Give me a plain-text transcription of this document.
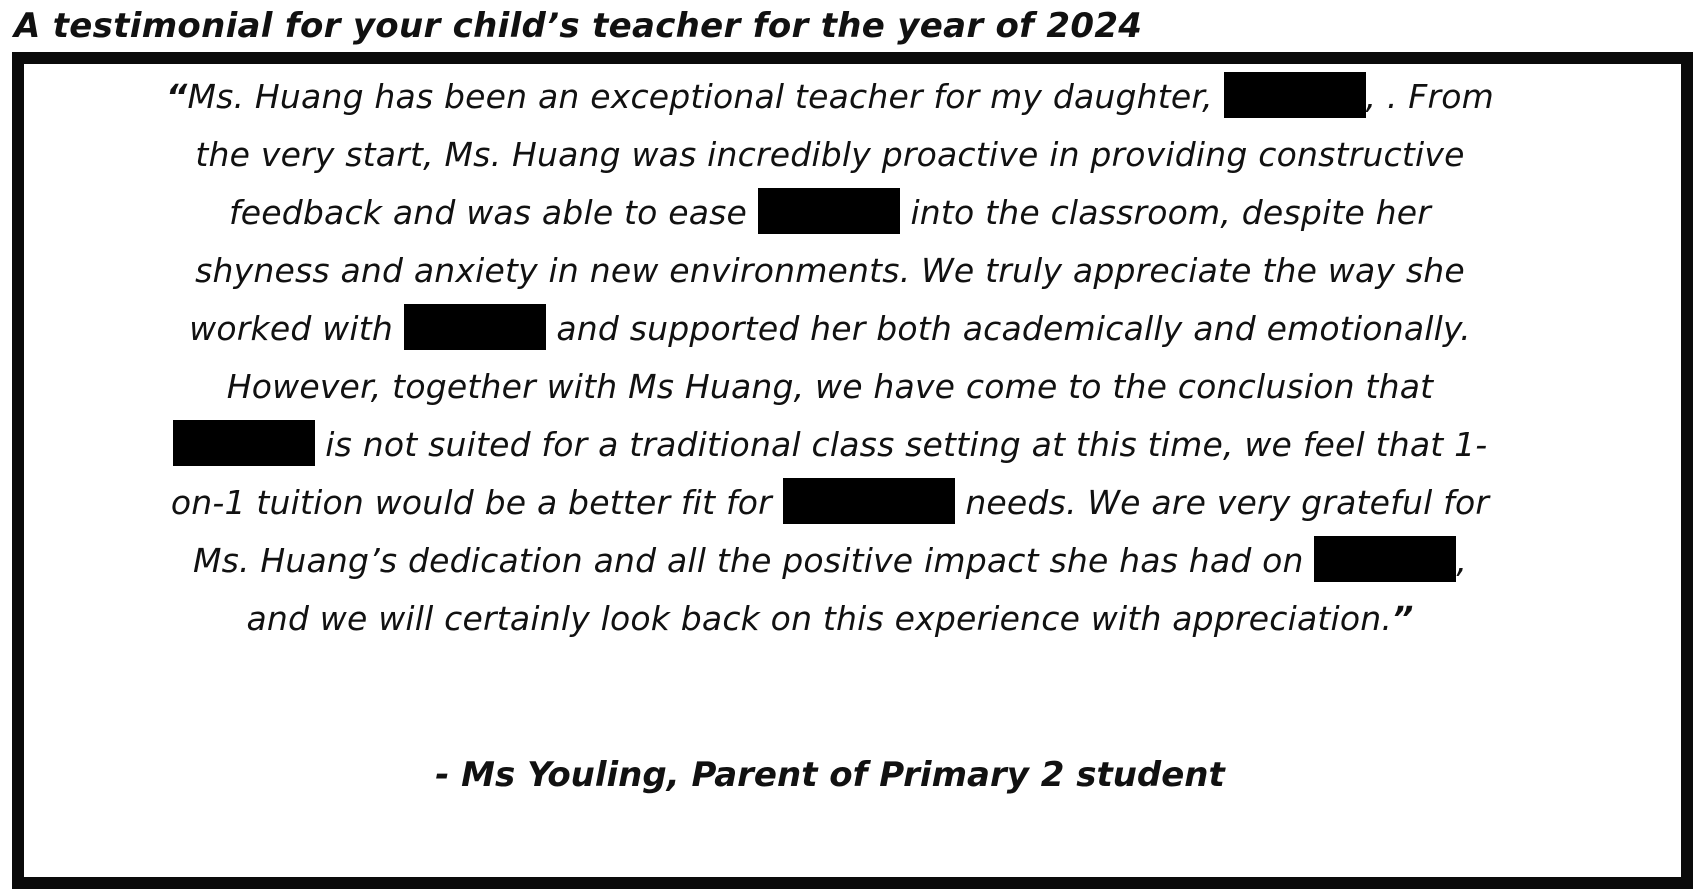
A testimonial for your child’s teacher for the year of 2024

“Ms. Huang has been an exceptional teacher for my daughter,	, . From
the very start, Ms. Huang was incredibly proactive in providing constructive
feedback and was able to ease	into the classroom, despite her
shyness and anxiety in new environments. We truly appreciate the way she
worked with	and supported her both academically and emotionally.
However, together with Ms Huang, we have come to the conclusion that
is not suited for a traditional class setting at this time, we feel that 1-
on-1 tuition would be a better fit for	needs. We are very grateful for
Ms. Huang’s dedication and all the positive impact she has had on	,
and we will certainly look back on this experience with appreciation.”

- Ms Youling, Parent of Primary 2 student
